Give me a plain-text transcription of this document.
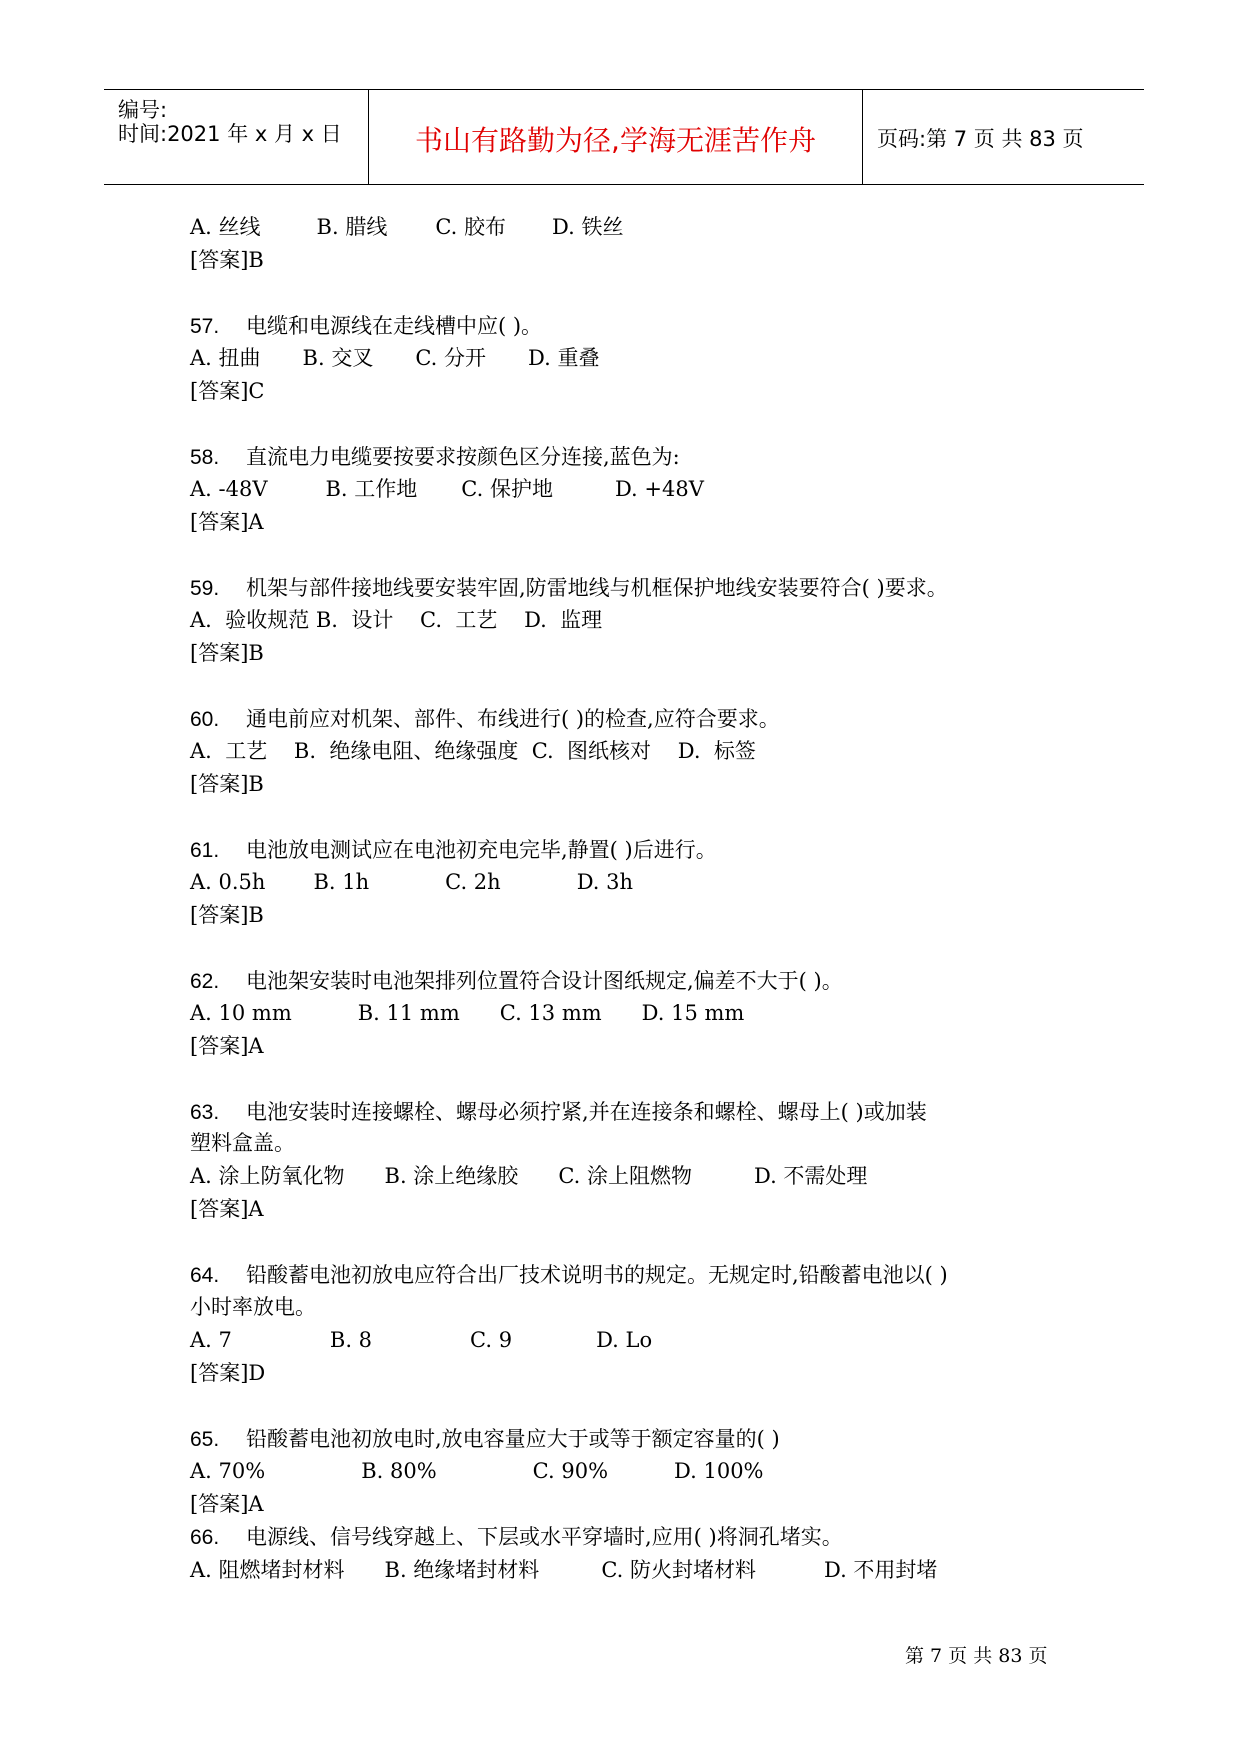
编号:
时间:2021 年 x 月 x 日	书山有路勤为径,学海无涯苦作舟	页码:第 7 页 共 83 页
A. 丝线	B. 腊线 C. 胶布 D. 铁丝
[答案]B
57. 电缆和电源线在走线槽中应( )。
A. 扭曲 B. 交叉 C. 分开 D. 重叠
[答案]C
58. 直流电力电缆要按要求按颜色区分连接,蓝色为:
A. -48V	B. 工作地 C. 保护地	D. +48V
[答案]A
59. 机架与部件接地线要安装牢固,防雷地线与机框保护地线安装要符合( )要求。
A.  验收规范 B.  设计    C.  工艺    D.  监理
[答案]B
60. 通电前应对机架、部件、布线进行( )的检查,应符合要求。
A.  工艺    B.  绝缘电阻、绝缘强度  C.  图纸核对    D.  标签
[答案]B
61. 电池放电测试应在电池初充电完毕,静置( )后进行。
A. 0.5h B. 1h	C. 2h	D. 3h
[答案]B
62. 电池架安装时电池架排列位置符合设计图纸规定,偏差不大于( )。
A. 10 mm	B. 11 mm C. 13 mm D. 15 mm
[答案]A
63. 电池安装时连接螺栓、螺母必须拧紧,并在连接条和螺栓、螺母上( )或加装
塑料盒盖。
A. 涂上防氧化物 B. 涂上绝缘胶 C. 涂上阻燃物	D. 不需处理
[答案]A
64. 铅酸蓄电池初放电应符合出厂技术说明书的规定。无规定时,铅酸蓄电池以( )
小时率放电。
A. 7	B. 8	C. 9	D. Lo
[答案]D
65. 铅酸蓄电池初放电时,放电容量应大于或等于额定容量的( )
A. 70%	B. 80%	C. 90%	D. 100%
[答案]A
66. 电源线、信号线穿越上、下层或水平穿墙时,应用( )将洞孔堵实。
A. 阻燃堵封材料 B. 绝缘堵封材料	C. 防火封堵材料	D. 不用封堵
第 7 页 共 83 页
